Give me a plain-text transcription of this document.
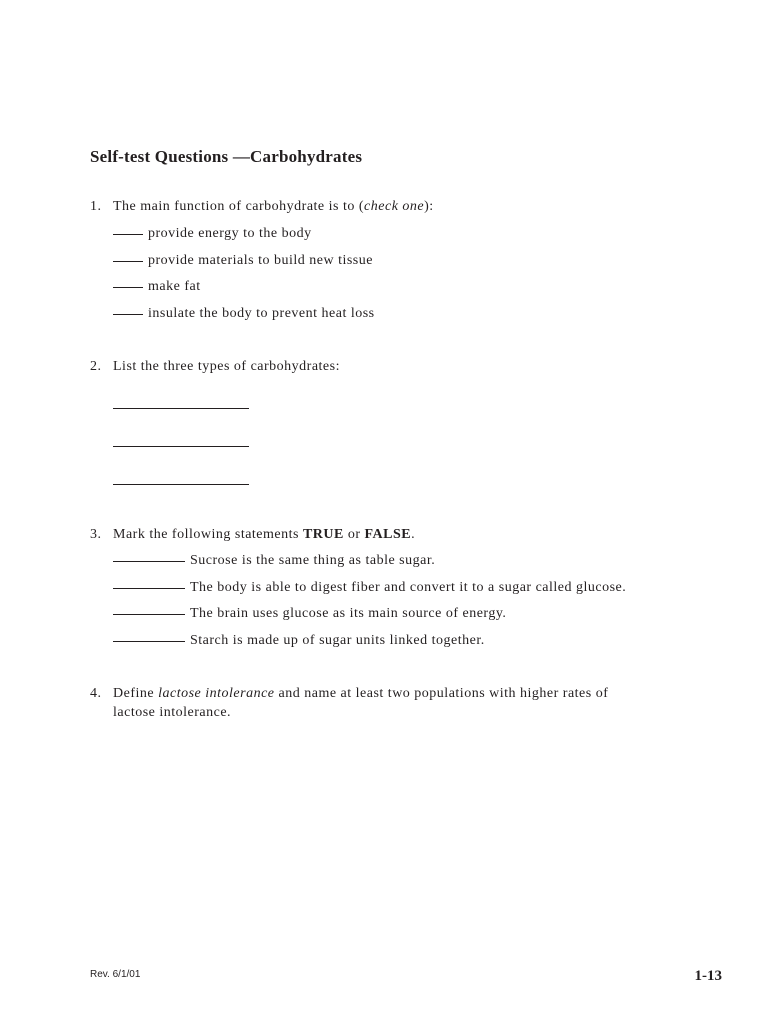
Self-test Questions —Carbohydrates
1. The main function of carbohydrate is to (check one):
provide energy to the body
provide materials to build new tissue
make fat
insulate the body to prevent heat loss
2. List the three types of carbohydrates:
3. Mark the following statements TRUE or FALSE.
Sucrose is the same thing as table sugar.
The body is able to digest fiber and convert it to a sugar called glucose.
The brain uses glucose as its main source of energy.
Starch is made up of sugar units linked together.
4. Define lactose intolerance and name at least two populations with higher rates of
lactose intolerance.
Rev. 6/1/01	1-13
